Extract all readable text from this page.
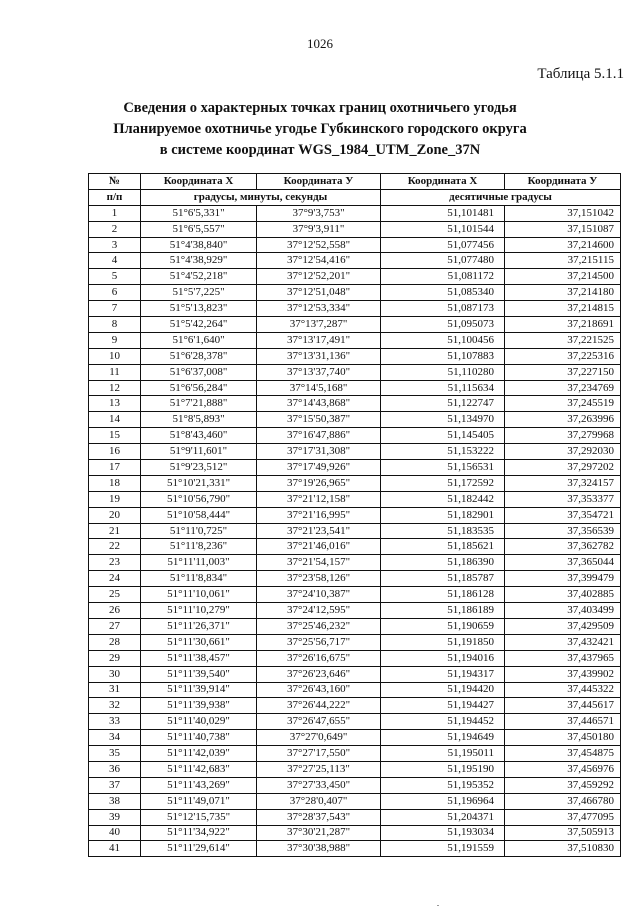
1026
Таблица 5.1.1
Сведения о характерных точках границ охотничьего угодья
Планируемое охотничье угодье Губкинского городского округа
в системе координат WGS_1984_UTM_Zone_37N
№	Координата X	Координата У	Координата X	Координата У
п/п	градусы, минуты, секунды		десятичные градусы	
1	51°6'5,331"	37°9'3,753"	51,101481	37,151042
2	51°6'5,557"	37°9'3,911"	51,101544	37,151087
3	51°4'38,840"	37°12'52,558"	51,077456	37,214600
4	51°4'38,929"	37°12'54,416"	51,077480	37,215115
5	51°4'52,218"	37°12'52,201"	51,081172	37,214500
6	51°5'7,225"	37°12'51,048"	51,085340	37,214180
7	51°5'13,823"	37°12'53,334"	51,087173	37,214815
8	51°5'42,264"	37°13'7,287"	51,095073	37,218691
9	51°6'1,640"	37°13'17,491"	51,100456	37,221525
10	51°6'28,378"	37°13'31,136"	51,107883	37,225316
11	51°6'37,008"	37°13'37,740"	51,110280	37,227150
12	51°6'56,284"	37°14'5,168"	51,115634	37,234769
13	51°7'21,888"	37°14'43,868"	51,122747	37,245519
14	51°8'5,893"	37°15'50,387"	51,134970	37,263996
15	51°8'43,460"	37°16'47,886"	51,145405	37,279968
16	51°9'11,601"	37°17'31,308"	51,153222	37,292030
17	51°9'23,512"	37°17'49,926"	51,156531	37,297202
18	51°10'21,331"	37°19'26,965"	51,172592	37,324157
19	51°10'56,790"	37°21'12,158"	51,182442	37,353377
20	51°10'58,444"	37°21'16,995"	51,182901	37,354721
21	51°11'0,725"	37°21'23,541"	51,183535	37,356539
22	51°11'8,236"	37°21'46,016"	51,185621	37,362782
23	51°11'11,003"	37°21'54,157"	51,186390	37,365044
24	51°11'8,834"	37°23'58,126"	51,185787	37,399479
25	51°11'10,061"	37°24'10,387"	51,186128	37,402885
26	51°11'10,279"	37°24'12,595"	51,186189	37,403499
27	51°11'26,371"	37°25'46,232"	51,190659	37,429509
28	51°11'30,661"	37°25'56,717"	51,191850	37,432421
29	51°11'38,457"	37°26'16,675"	51,194016	37,437965
30	51°11'39,540"	37°26'23,646"	51,194317	37,439902
31	51°11'39,914"	37°26'43,160"	51,194420	37,445322
32	51°11'39,938"	37°26'44,222"	51,194427	37,445617
33	51°11'40,029"	37°26'47,655"	51,194452	37,446571
34	51°11'40,738"	37°27'0,649"	51,194649	37,450180
35	51°11'42,039"	37°27'17,550"	51,195011	37,454875
36	51°11'42,683"	37°27'25,113"	51,195190	37,456976
37	51°11'43,269"	37°27'33,450"	51,195352	37,459292
38	51°11'49,071"	37°28'0,407"	51,196964	37,466780
39	51°12'15,735"	37°28'37,543"	51,204371	37,477095
40	51°11'34,922"	37°30'21,287"	51,193034	37,505913
41	51°11'29,614"	37°30'38,988"	51,191559	37,510830
